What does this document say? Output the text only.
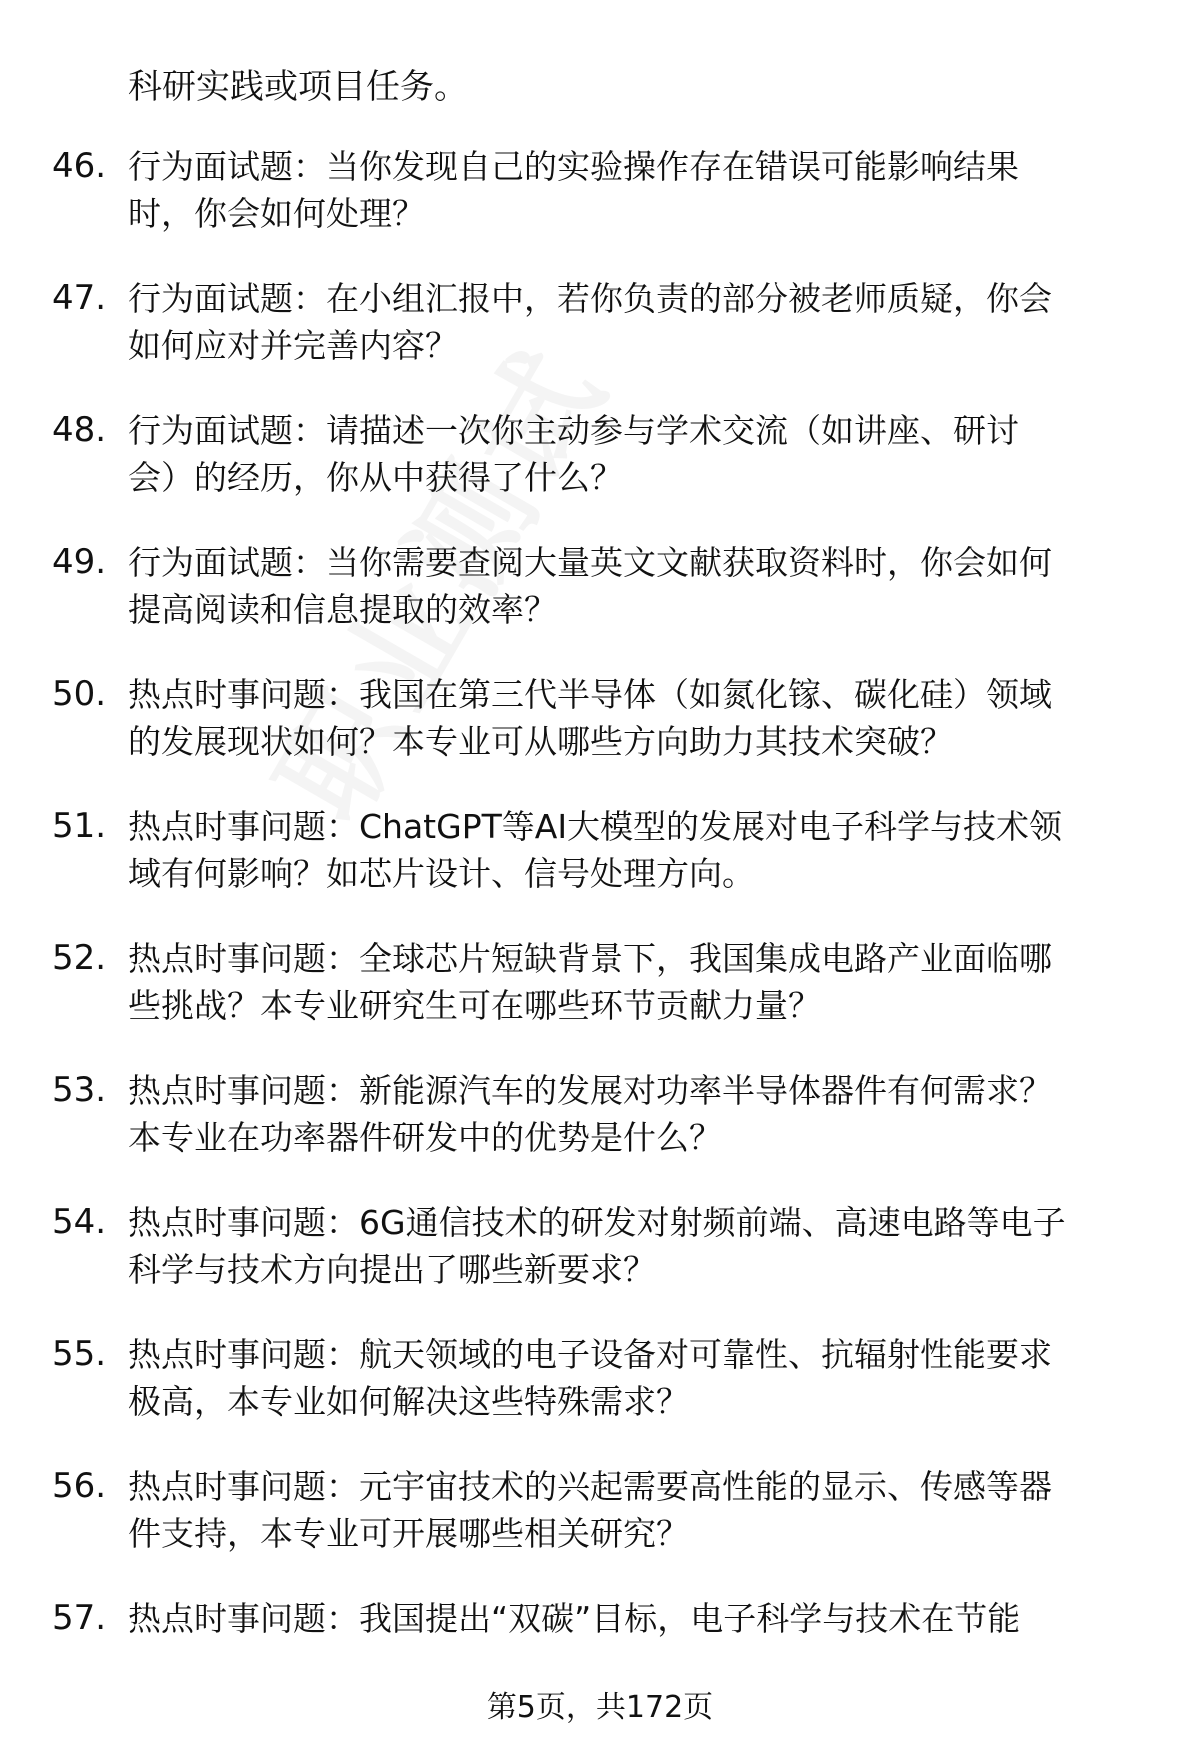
科研实践或项目任务。

46. 行为面试题：当你发现自己的实验操作存在错误可能影响结果
时，你会如何处理？
47. 行为面试题：在小组汇报中，若你负责的部分被老师质疑，你会
如何应对并完善内容？
48. 行为面试题：请描述一次你主动参与学术交流（如讲座、研讨
会）的经历，你从中获得了什么？
49. 行为面试题：当你需要查阅大量英文文献获取资料时，你会如何
提高阅读和信息提取的效率？
50. 热点时事问题：我国在第三代半导体（如氮化镓、碳化硅）领域
的发展现状如何？本专业可从哪些方向助力其技术突破？
51. 热点时事问题：ChatGPT等AI大模型的发展对电子科学与技术领
域有何影响？如芯片设计、信号处理方向。
52. 热点时事问题：全球芯片短缺背景下，我国集成电路产业面临哪
些挑战？本专业研究生可在哪些环节贡献力量？
53. 热点时事问题：新能源汽车的发展对功率半导体器件有何需求？
本专业在功率器件研发中的优势是什么？
54. 热点时事问题：6G通信技术的研发对射频前端、高速电路等电子
科学与技术方向提出了哪些新要求？
55. 热点时事问题：航天领域的电子设备对可靠性、抗辐射性能要求
极高，本专业如何解决这些特殊需求？
56. 热点时事问题：元宇宙技术的兴起需要高性能的显示、传感等器
件支持，本专业可开展哪些相关研究？
57. 热点时事问题：我国提出“双碳”目标，电子科学与技术在节能
第5页，共172页
